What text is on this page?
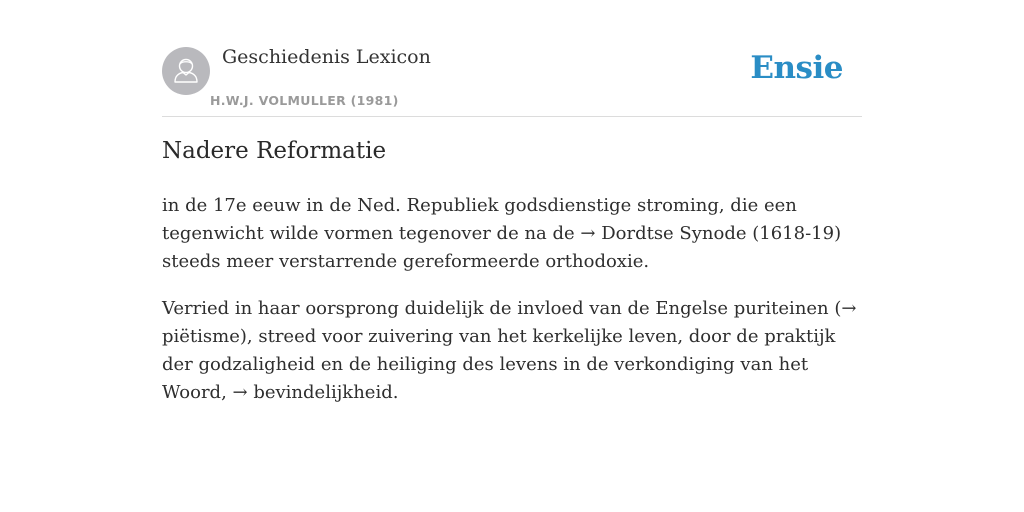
Geschiedenis Lexicon
H.W.J. VOLMULLER (1981)
Ensie
Nadere Reformatie

in de 17e eeuw in de Ned. Republiek godsdienstige stroming, die een tegenwicht wilde vormen tegenover de na de → Dordtse Synode (1618-19) steeds meer verstarrende gereformeerde orthodoxie.

Verried in haar oorsprong duidelijk de invloed van de Engelse puriteinen (→ piëtisme), streed voor zuivering van het kerkelijke leven, door de praktijk der godzaligheid en de heiliging des levens in de verkondiging van het Woord, → bevindelijkheid.
